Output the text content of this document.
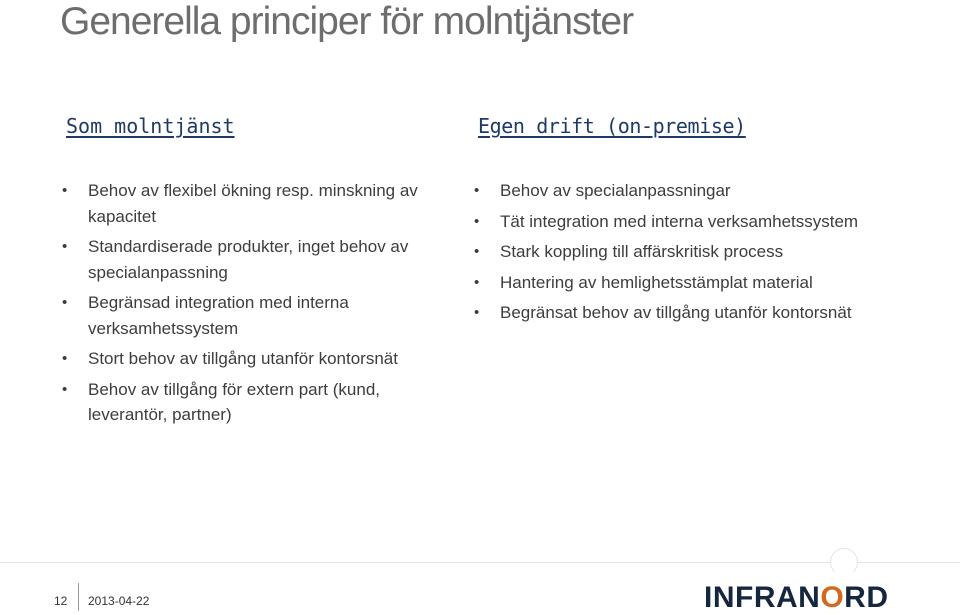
Generella principer för molntjänster
Som molntjänst
• Behov av flexibel ökning resp. minskning av kapacitet
• Standardiserade produkter, inget behov av specialanpassning
• Begränsad integration med interna verksamhetssystem
• Stort behov av tillgång utanför kontorsnät
• Behov av tillgång för extern part (kund, leverantör, partner)
Egen drift (on-premise)
• Behov av specialanpassningar
• Tät integration med interna verksamhetssystem
• Stark koppling till affärskritisk process
• Hantering av hemlighetsstämplat material
• Begränsat behov av tillgång utanför kontorsnät
12 2013-04-22	INFRAN O RD
